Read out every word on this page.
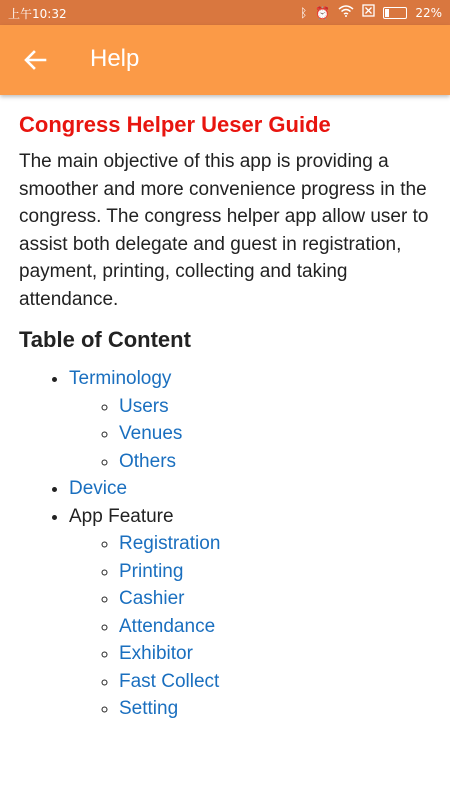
上午10:32	ᛒ ⏰	22%
Help
Congress Helper Ueser Guide

The main objective of this app is providing a smoother and more convenience progress in the congress. The congress helper app allow user to assist both delegate and guest in registration, payment, printing, collecting and taking attendance.

Table of Content
• Terminology
◦ Users
◦ Venues
◦ Others
• Device
• App Feature
◦ Registration
◦ Printing
◦ Cashier
◦ Attendance
◦ Exhibitor
◦ Fast Collect
◦ Setting
